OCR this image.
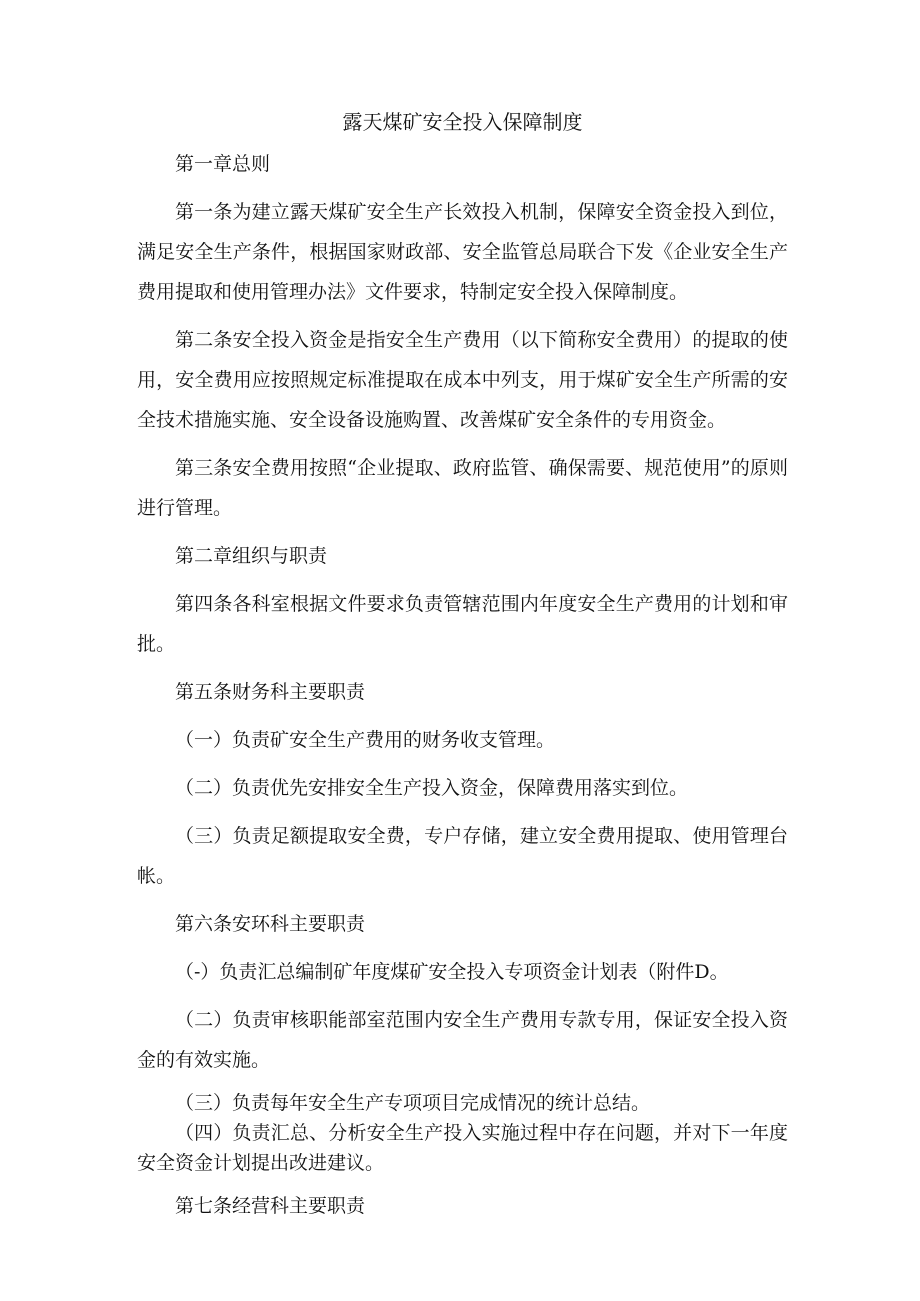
露天煤矿安全投入保障制度

第一章总则

第一条为建立露天煤矿安全生产长效投入机制，保障安全资金投入到位，满足安全生产条件，根据国家财政部、安全监管总局联合下发《企业安全生产费用提取和使用管理办法》文件要求，特制定安全投入保障制度。

第二条安全投入资金是指安全生产费用（以下简称安全费用）的提取的使用，安全费用应按照规定标准提取在成本中列支，用于煤矿安全生产所需的安全技术措施实施、安全设备设施购置、改善煤矿安全条件的专用资金。

第三条安全费用按照“企业提取、政府监管、确保需要、规范使用”的原则进行管理。

第二章组织与职责

第四条各科室根据文件要求负责管辖范围内年度安全生产费用的计划和审批。

第五条财务科主要职责

（一）负责矿安全生产费用的财务收支管理。

（二）负责优先安排安全生产投入资金，保障费用落实到位。

（三）负责足额提取安全费，专户存储，建立安全费用提取、使用管理台帐。

第六条安环科主要职责

（-）负责汇总编制矿年度煤矿安全投入专项资金计划表（附件D。

（二）负责审核职能部室范围内安全生产费用专款专用，保证安全投入资金的有效实施。

（三）负责每年安全生产专项项目完成情况的统计总结。

（四）负责汇总、分析安全生产投入实施过程中存在问题，并对下一年度安全资金计划提出改进建议。

第七条经营科主要职责
